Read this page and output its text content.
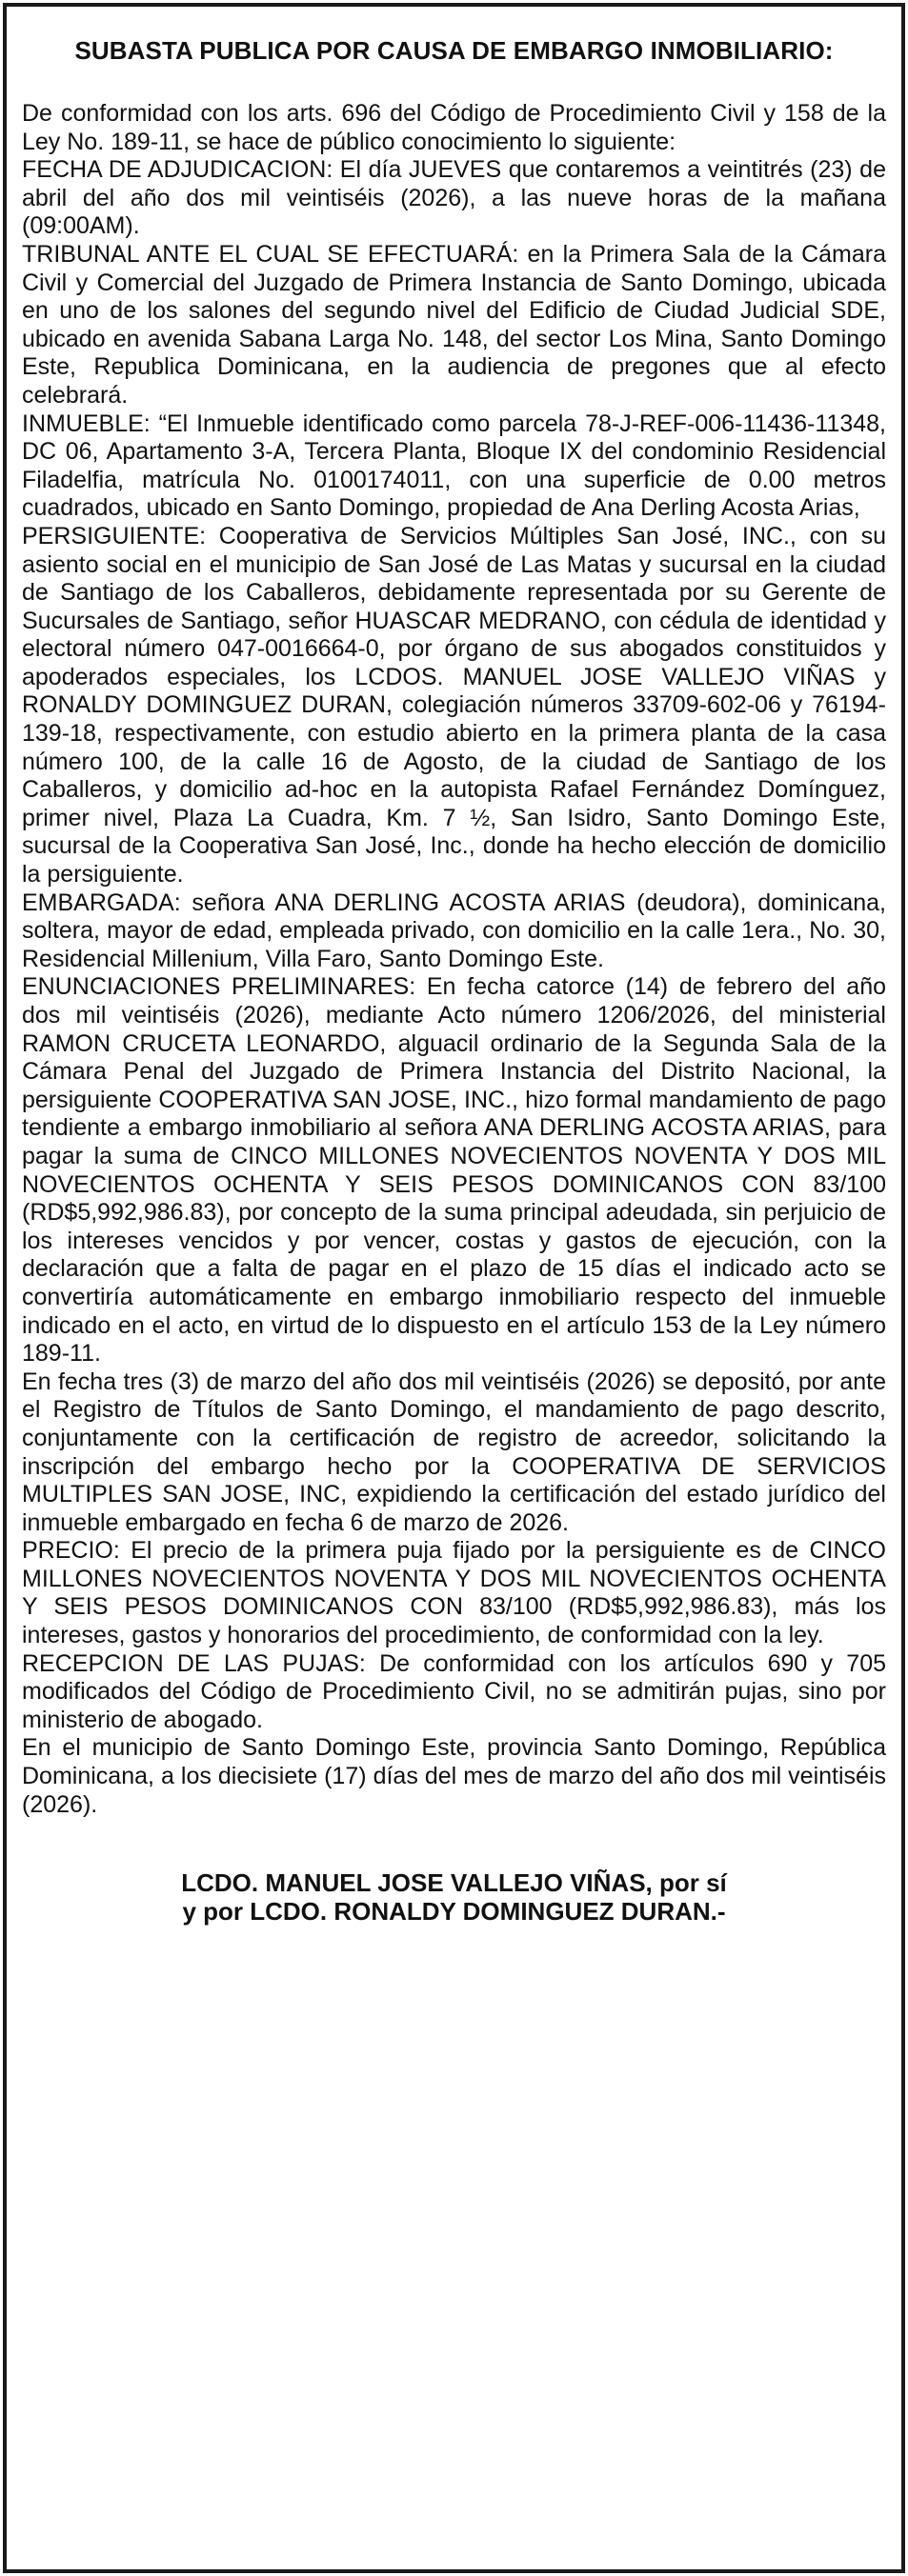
SUBASTA PUBLICA POR CAUSA DE EMBARGO INMOBILIARIO:

De conformidad con los arts. 696 del Código de Procedimiento Civil y 158 de la Ley No. 189-11, se hace de público conocimiento lo siguiente:

FECHA DE ADJUDICACION: El día JUEVES que contaremos a veintitrés (23) de abril del año dos mil veintiséis (2026), a las nueve horas de la mañana (09:00AM).

TRIBUNAL ANTE EL CUAL SE EFECTUARÁ: en la Primera Sala de la Cámara Civil y Comercial del Juzgado de Primera Instancia de Santo Domingo, ubicada en uno de los salones del segundo nivel del Edificio de Ciudad Judicial SDE, ubicado en avenida Sabana Larga No. 148, del sector Los Mina, Santo Domingo Este, Republica Dominicana, en la audiencia de pregones que al efecto celebrará.

INMUEBLE: “El Inmueble identificado como parcela 78-J-REF-006-11436-11348, DC 06, Apartamento 3-A, Tercera Planta, Bloque IX del condominio Residencial Filadelfia, matrícula No. 0100174011, con una superficie de 0.00 metros cuadrados, ubicado en Santo Domingo, propiedad de Ana Derling Acosta Arias,

PERSIGUIENTE: Cooperativa de Servicios Múltiples San José, INC., con su asiento social en el municipio de San José de Las Matas y sucursal en la ciudad de Santiago de los Caballeros, debidamente representada por su Gerente de Sucursales de Santiago, señor HUASCAR MEDRANO, con cédula de identidad y electoral número 047-0016664-0, por órgano de sus abogados constituidos y apoderados especiales, los LCDOS. MANUEL JOSE VALLEJO VIÑAS y RONALDY DOMINGUEZ DURAN, colegiación números 33709-602-06 y 76194-139-18, respectivamente, con estudio abierto en la primera planta de la casa número 100, de la calle 16 de Agosto, de la ciudad de Santiago de los Caballeros, y domicilio ad-hoc en la autopista Rafael Fernández Domínguez, primer nivel, Plaza La Cuadra, Km. 7 ½, San Isidro, Santo Domingo Este, sucursal de la Cooperativa San José, Inc., donde ha hecho elección de domicilio la persiguiente.

EMBARGADA: señora ANA DERLING ACOSTA ARIAS (deudora), dominicana, soltera, mayor de edad, empleada privado, con domicilio en la calle 1era., No. 30, Residencial Millenium, Villa Faro, Santo Domingo Este.

ENUNCIACIONES PRELIMINARES: En fecha catorce (14) de febrero del año dos mil veintiséis (2026), mediante Acto número 1206/2026, del ministerial RAMON CRUCETA LEONARDO, alguacil ordinario de la Segunda Sala de la Cámara Penal del Juzgado de Primera Instancia del Distrito Nacional, la persiguiente COOPERATIVA SAN JOSE, INC., hizo formal mandamiento de pago tendiente a embargo inmobiliario al señora ANA DERLING ACOSTA ARIAS, para pagar la suma de CINCO MILLONES NOVECIENTOS NOVENTA Y DOS MIL NOVECIENTOS OCHENTA Y SEIS PESOS DOMINICANOS CON 83/100 (RD$5,992,986.83), por concepto de la suma principal adeudada, sin perjuicio de los intereses vencidos y por vencer, costas y gastos de ejecución, con la declaración que a falta de pagar en el plazo de 15 días el indicado acto se convertiría automáticamente en embargo inmobiliario respecto del inmueble indicado en el acto, en virtud de lo dispuesto en el artículo 153 de la Ley número 189-11.

En fecha tres (3) de marzo del año dos mil veintiséis (2026) se depositó, por ante el Registro de Títulos de Santo Domingo, el mandamiento de pago descrito, conjuntamente con la certificación de registro de acreedor, solicitando la inscripción del embargo hecho por la COOPERATIVA DE SERVICIOS MULTIPLES SAN JOSE, INC, expidiendo la certificación del estado jurídico del inmueble embargado en fecha 6 de marzo de 2026.

PRECIO: El precio de la primera puja fijado por la persiguiente es de CINCO MILLONES NOVECIENTOS NOVENTA Y DOS MIL NOVECIENTOS OCHENTA Y SEIS PESOS DOMINICANOS CON 83/100 (RD$5,992,986.83), más los intereses, gastos y honorarios del procedimiento, de conformidad con la ley.

RECEPCION DE LAS PUJAS: De conformidad con los artículos 690 y 705 modificados del Código de Procedimiento Civil, no se admitirán pujas, sino por ministerio de abogado.

En el municipio de Santo Domingo Este, provincia Santo Domingo, República Dominicana, a los diecisiete (17) días del mes de marzo del año dos mil veintiséis (2026).

LCDO. MANUEL JOSE VALLEJO VIÑAS, por sí
y por LCDO. RONALDY DOMINGUEZ DURAN.-
